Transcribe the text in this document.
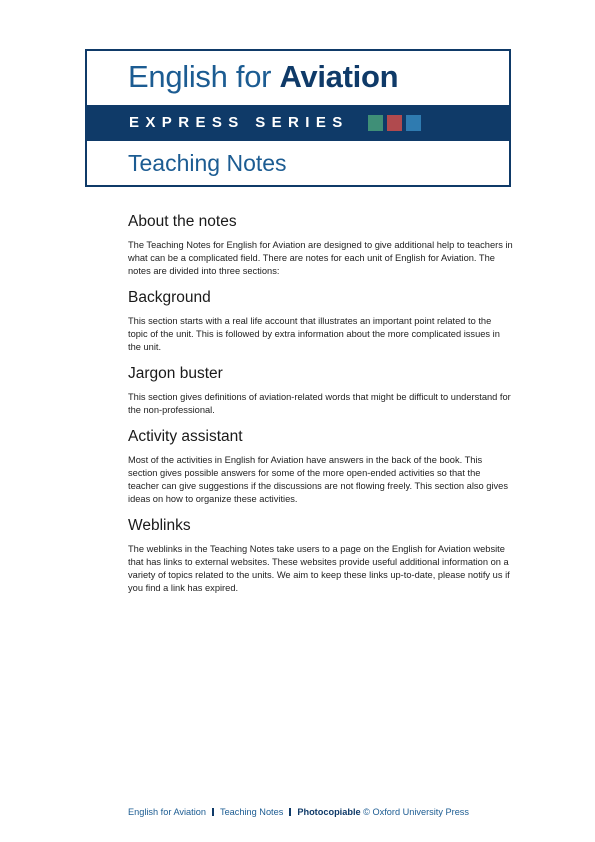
English for Aviation
EXPRESS SERIES
Teaching Notes
About the notes

The Teaching Notes for English for Aviation are designed to give additional help to teachers in what can be a complicated field. There are notes for each unit of English for Aviation. The notes are divided into three sections:

Background

This section starts with a real life account that illustrates an important point related to the topic of the unit. This is followed by extra information about the more complicated issues in the unit.

Jargon buster

This section gives definitions of aviation-related words that might be difficult to understand for the non-professional.

Activity assistant

Most of the activities in English for Aviation have answers in the back of the book. This section gives possible answers for some of the more open-ended activities so that the teacher can give suggestions if the discussions are not flowing freely. This section also gives ideas on how to organize these activities.

Weblinks

The weblinks in the Teaching Notes take users to a page on the English for Aviation website that has links to external websites. These websites provide useful additional information on a variety of topics related to the units. We aim to keep these links up-to-date, please notify us if you find a link has expired.

English for Aviation Teaching Notes Photocopiable © Oxford University Press
